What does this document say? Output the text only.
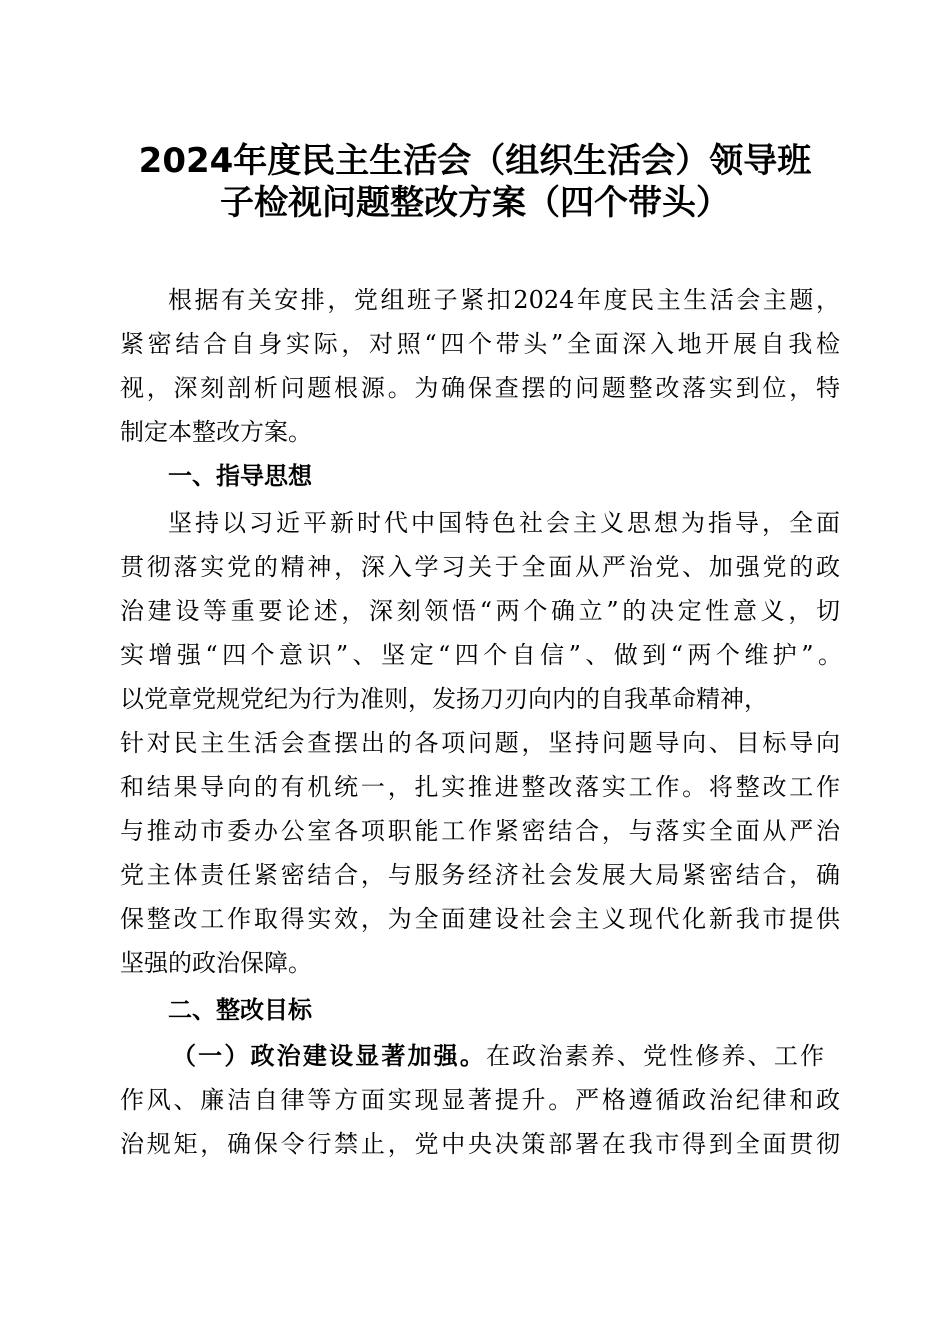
2024年度民主生活会（组织生活会）领导班
子检视问题整改方案（四个带头）
根据有关安排，党组班子紧扣2024年度民主生活会主题，
紧密结合自身实际，对照“四个带头”全面深入地开展自我检
视，深刻剖析问题根源。为确保查摆的问题整改落实到位，特
制定本整改方案。
一、指导思想
坚持以习近平新时代中国特色社会主义思想为指导，全面
贯彻落实党的精神，深入学习关于全面从严治党、加强党的政
治建设等重要论述，深刻领悟“两个确立”的决定性意义，切
实增强“四个意识”、坚定“四个自信”、做到“两个维护”。
以党章党规党纪为行为准则，发扬刀刃向内的自我革命精神，
针对民主生活会查摆出的各项问题，坚持问题导向、目标导向
和结果导向的有机统一，扎实推进整改落实工作。将整改工作
与推动市委办公室各项职能工作紧密结合，与落实全面从严治
党主体责任紧密结合，与服务经济社会发展大局紧密结合，确
保整改工作取得实效，为全面建设社会主义现代化新我市提供
坚强的政治保障。
二、整改目标
（一）政治建设显著加强。在政治素养、党性修养、工作
作风、廉洁自律等方面实现显著提升。严格遵循政治纪律和政
治规矩，确保令行禁止，党中央决策部署在我市得到全面贯彻
